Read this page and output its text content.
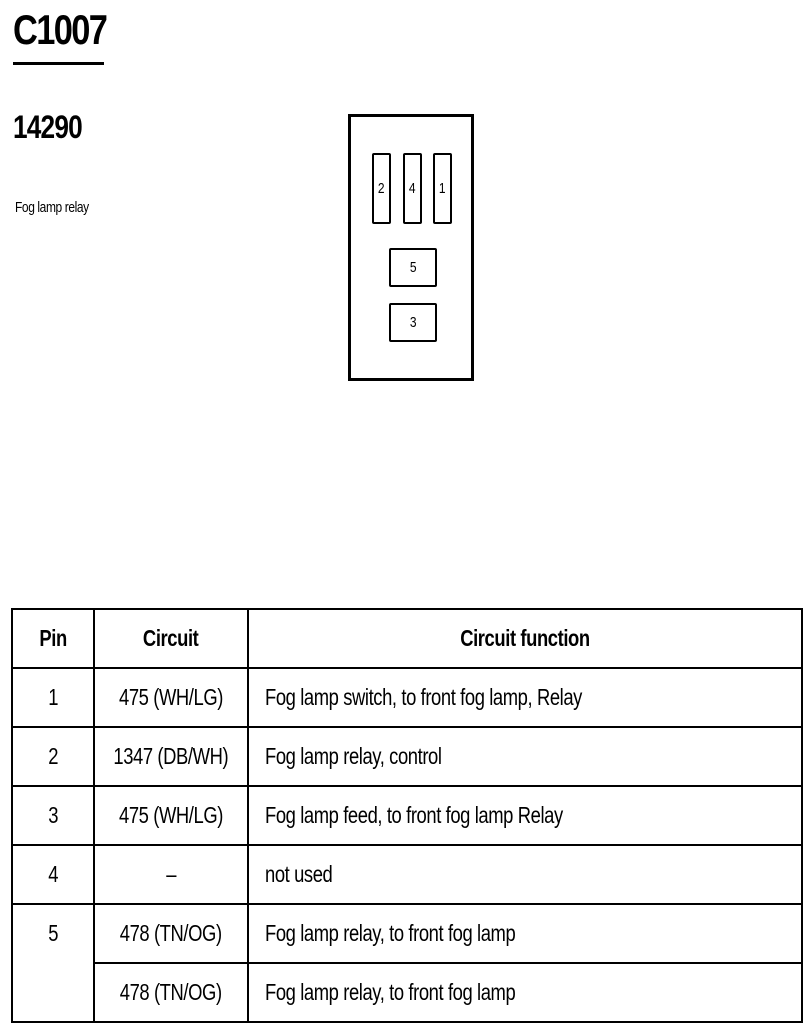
C1007
14290
Fog lamp relay
2 4 1
5
3
Pin	Circuit	Circuit function
1	475 (WH/LG)	Fog lamp switch, to front fog lamp, Relay
2	1347 (DB/WH)	Fog lamp relay, control
3	475 (WH/LG)	Fog lamp feed, to front fog lamp Relay
4	–	not used
5	478 (TN/OG)	Fog lamp relay, to front fog lamp
	478 (TN/OG)	Fog lamp relay, to front fog lamp
